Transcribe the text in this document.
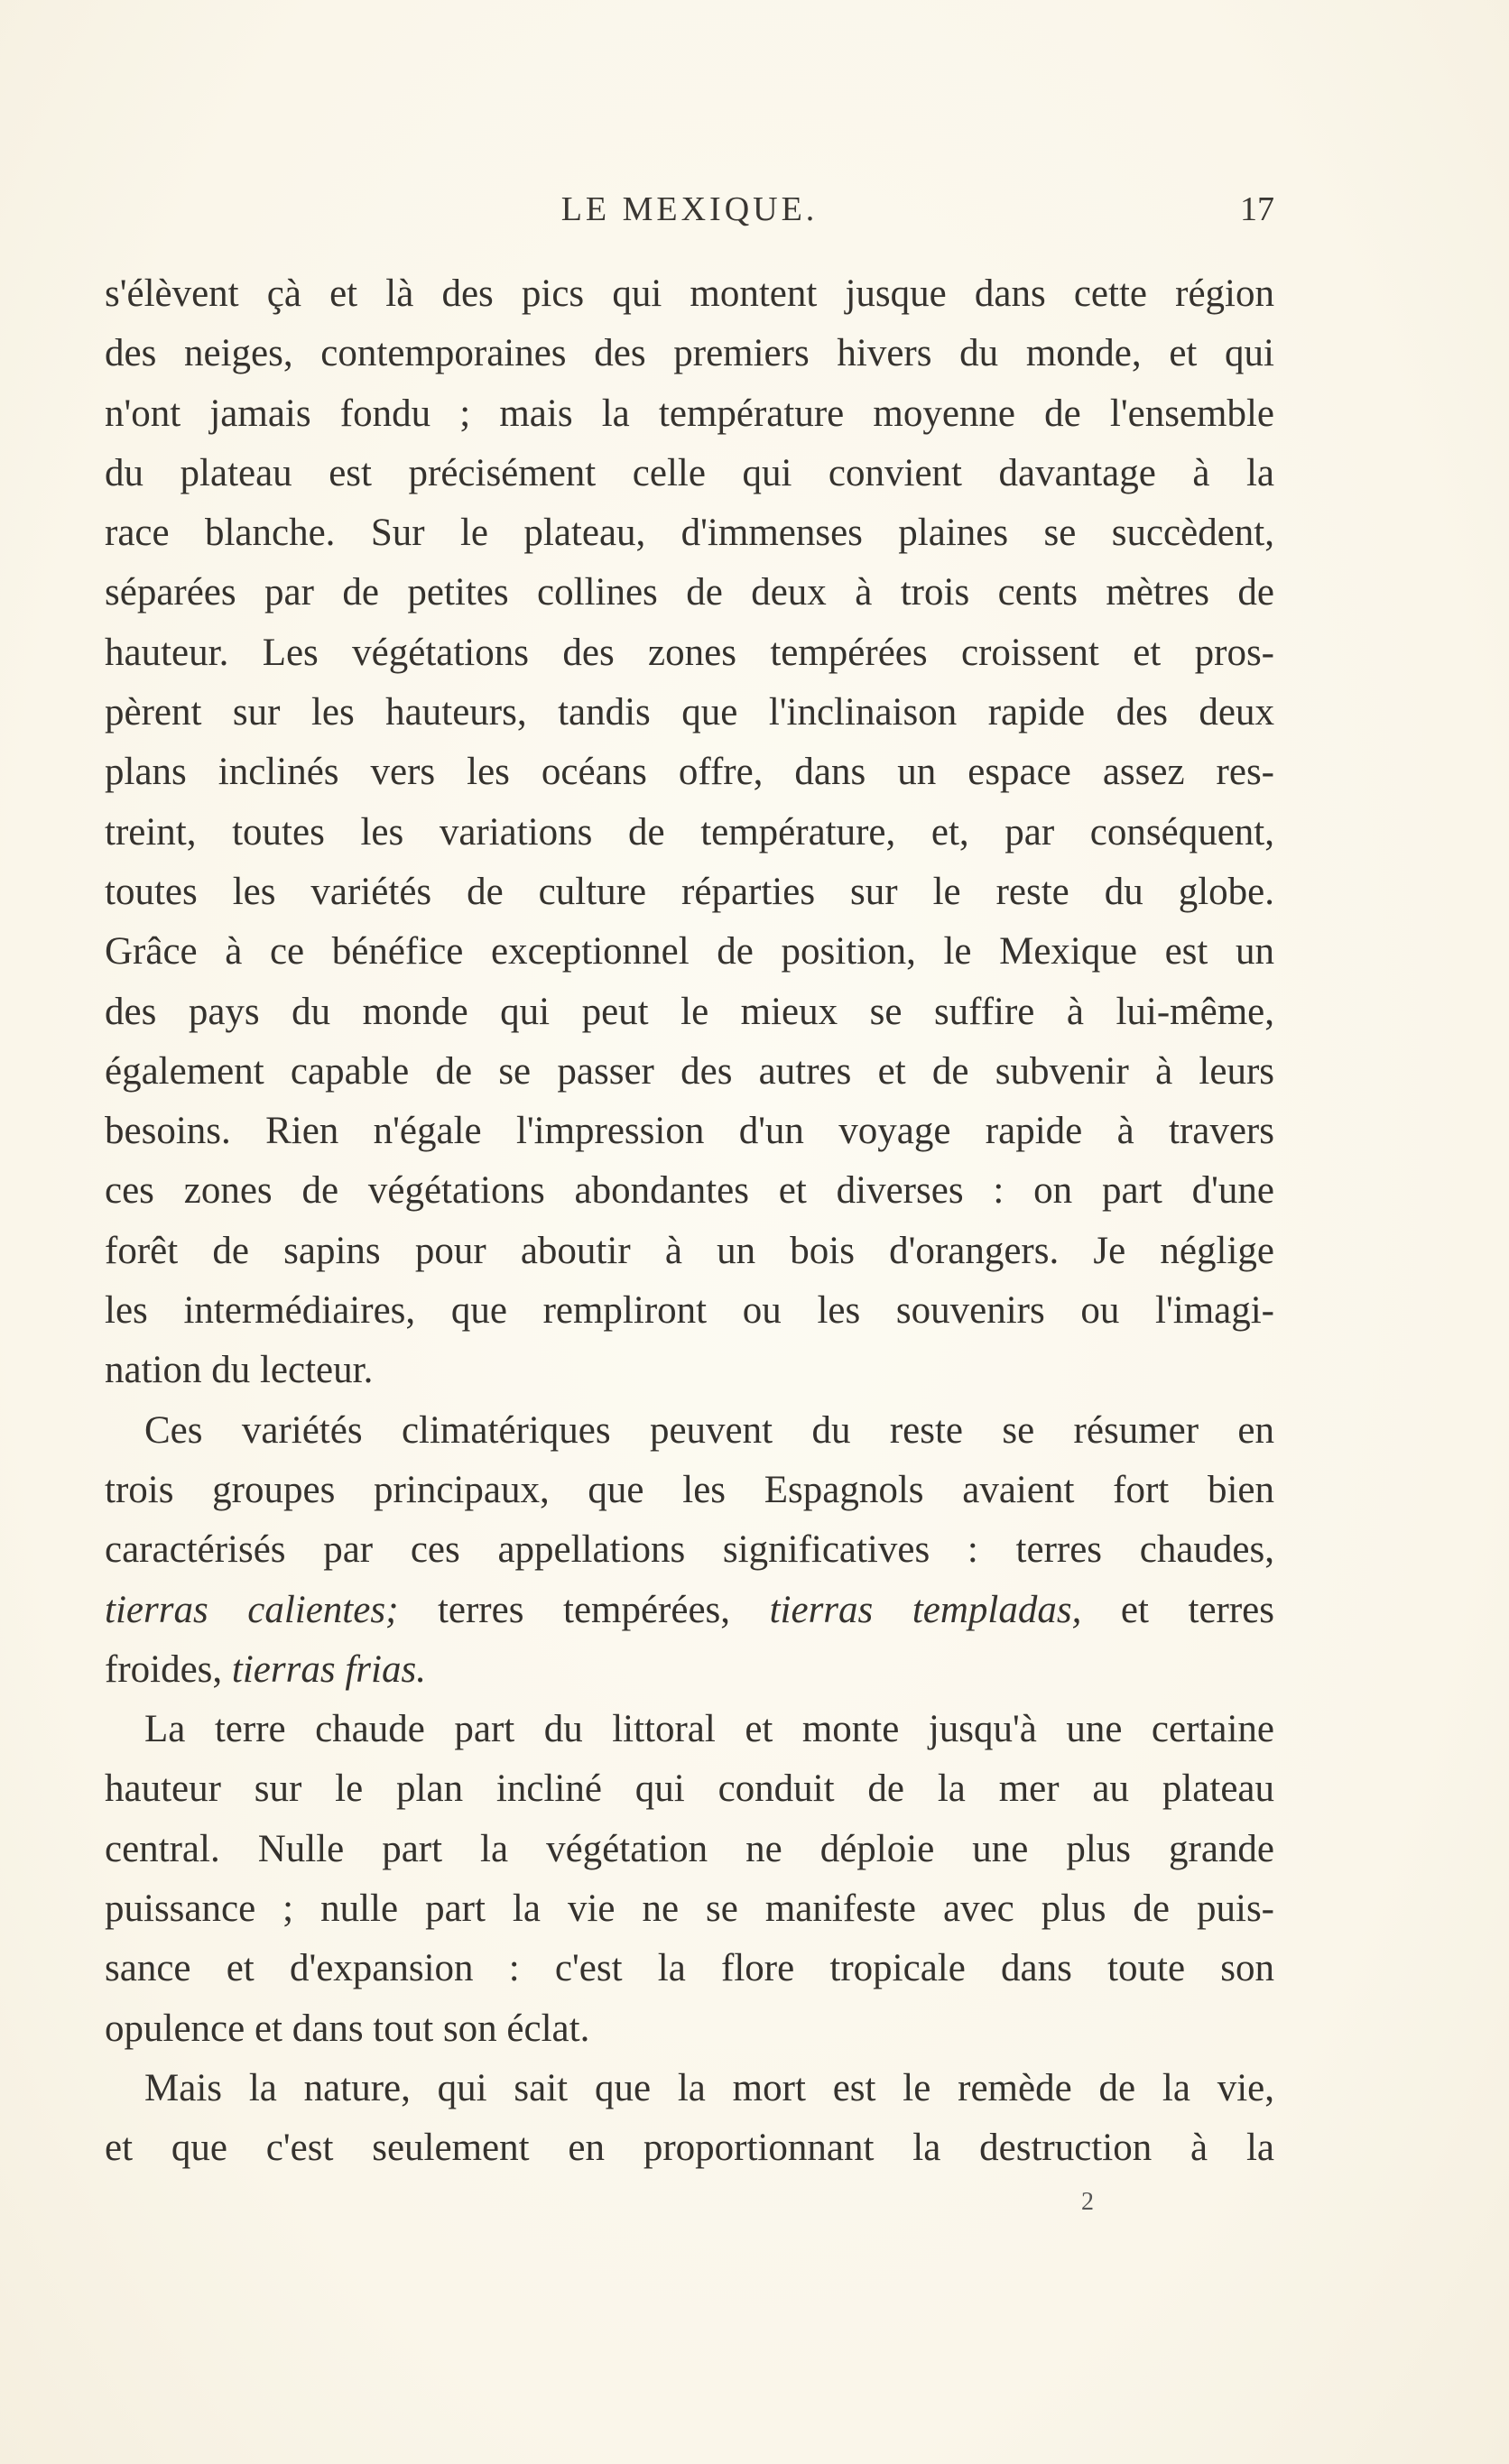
LE MEXIQUE.	17
s'élèvent çà et là des pics qui montent jusque dans cette région
des neiges, contemporaines des premiers hivers du monde, et qui
n'ont jamais fondu ; mais la température moyenne de l'ensemble
du plateau est précisément celle qui convient davantage à la
race blanche. Sur le plateau, d'immenses plaines se succèdent,
séparées par de petites collines de deux à trois cents mètres de
hauteur. Les végétations des zones tempérées croissent et pros-
pèrent sur les hauteurs, tandis que l'inclinaison rapide des deux
plans inclinés vers les océans offre, dans un espace assez res-
treint, toutes les variations de température, et, par conséquent,
toutes les variétés de culture réparties sur le reste du globe.
Grâce à ce bénéfice exceptionnel de position, le Mexique est un
des pays du monde qui peut le mieux se suffire à lui-même,
également capable de se passer des autres et de subvenir à leurs
besoins. Rien n'égale l'impression d'un voyage rapide à travers
ces zones de végétations abondantes et diverses : on part d'une
forêt de sapins pour aboutir à un bois d'orangers. Je néglige
les intermédiaires, que rempliront ou les souvenirs ou l'imagi-
nation du lecteur.
Ces variétés climatériques peuvent du reste se résumer en
trois groupes principaux, que les Espagnols avaient fort bien
caractérisés par ces appellations significatives : terres chaudes,
tierras calientes; terres tempérées, tierras templadas, et terres
froides, tierras frias.
La terre chaude part du littoral et monte jusqu'à une certaine
hauteur sur le plan incliné qui conduit de la mer au plateau
central. Nulle part la végétation ne déploie une plus grande
puissance ; nulle part la vie ne se manifeste avec plus de puis-
sance et d'expansion : c'est la flore tropicale dans toute son
opulence et dans tout son éclat.
Mais la nature, qui sait que la mort est le remède de la vie,
et que c'est seulement en proportionnant la destruction à la
2
